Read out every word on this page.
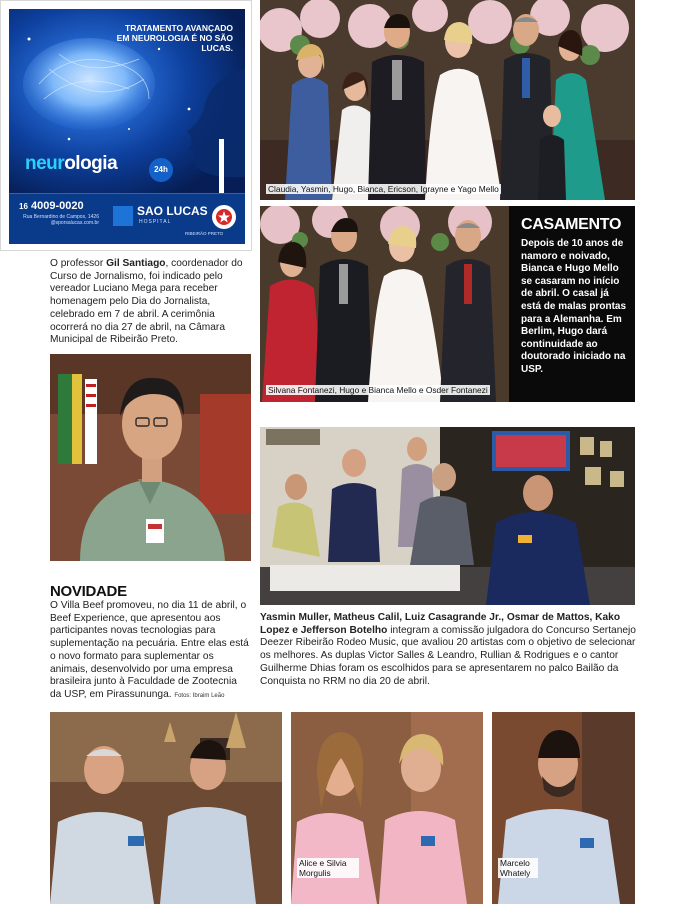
TRATAMENTO AVANÇADO EM NEUROLOGIA É NO SÃO LUCAS.
neurologia	24h
16 4009-0020
Rua Bernardino de Campos, 1426 @sporsalucas.com.br
SAO LUCAS
HOSPITAL
RIBEIRÃO PRETO

O professor Gil Santiago, coordenador do Curso de Jornalismo, foi indicado pelo vereador Luciano Mega para receber homenagem pelo Dia do Jornalista, celebrado em 7 de abril. A cerimônia ocorrerá no dia 27 de abril, na Câmara Municipal de Ribeirão Preto.

NOVIDADE

O Villa Beef promoveu, no dia 11 de abril, o Beef Experience, que apresentou aos participantes novas tecnologias para suplementação na pecuária. Entre elas está o novo formato para suplementar os animais, desenvolvido por uma empresa brasileira junto à Faculdade de Zootecnia da USP, em Pirassununga. Fotos: Ibraim Leão

Claudia, Yasmin, Hugo, Bianca, Ericson, Igrayne e Yago Mello
Silvana Fontanezi, Hugo e Bianca Mello e Osder Fontanezi
CASAMENTO

Depois de 10 anos de namoro e noivado, Bianca e Hugo Mello se casaram no início de abril. O casal já está de malas prontas para a Alemanha. Em Berlim, Hugo dará continuidade ao doutorado iniciado na USP.

Yasmin Muller, Matheus Calil, Luiz Casagrande Jr., Osmar de Mattos, Kako Lopez e Jefferson Botelho integram a comissão julgadora do Concurso Sertanejo Deezer Ribeirão Rodeo Music, que avaliou 20 artistas com o objetivo de selecionar os melhores. As duplas Victor Salles & Leandro, Rullian & Rodrigues e o cantor Guilherme Dhias foram os escolhidos para se apresentarem no palco Bailão da Conquista no RRM no dia 20 de abril.

Alice e Silvia Morgulis
Marcelo Whately
